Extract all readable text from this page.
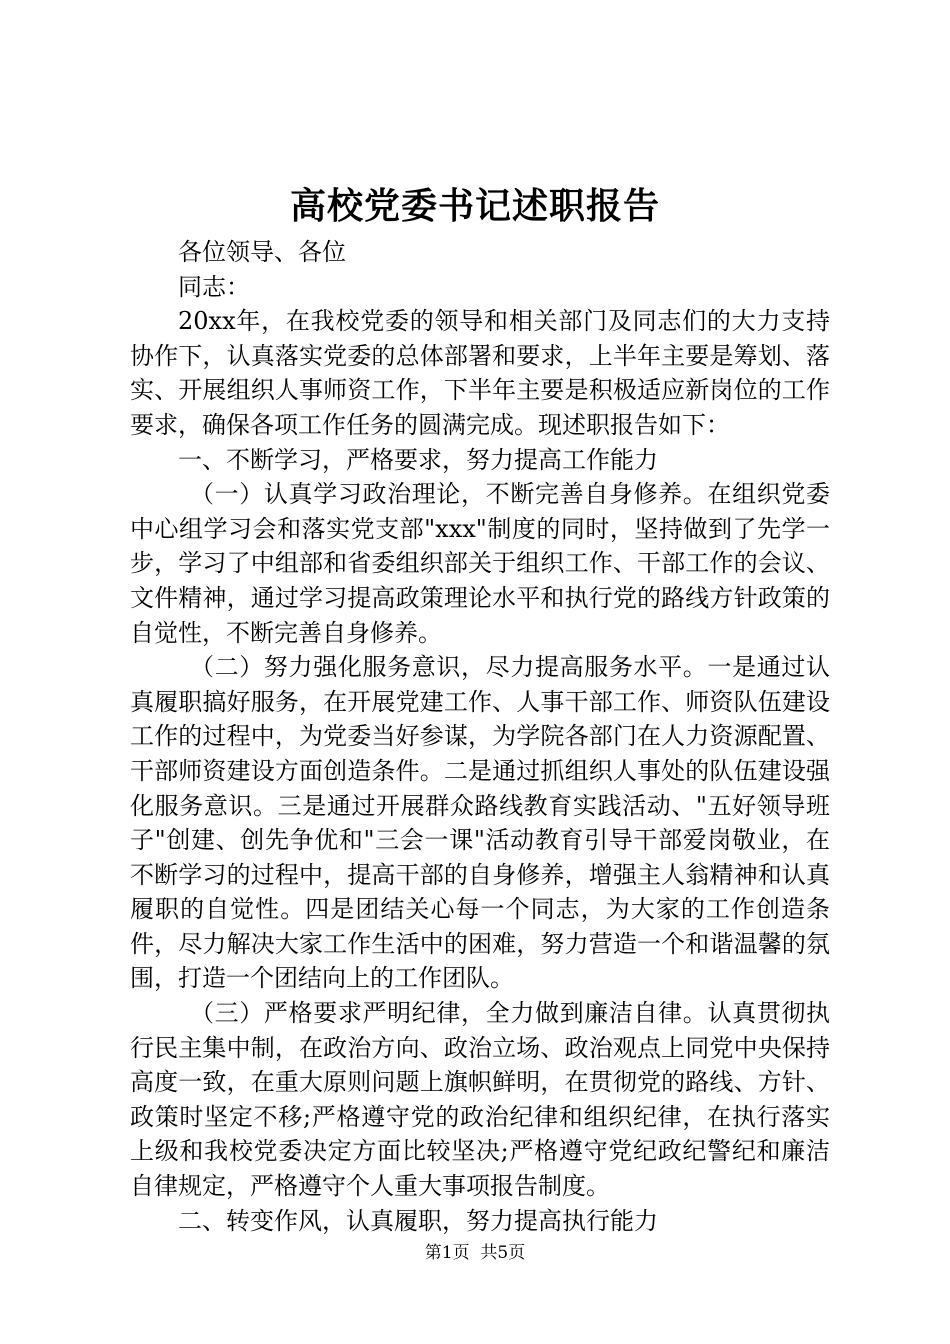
高校党委书记述职报告

各位领导、各位

同志：

20xx年，在我校党委的领导和相关部门及同志们的大力支持协作下，认真落实党委的总体部署和要求，上半年主要是筹划、落实、开展组织人事师资工作，下半年主要是积极适应新岗位的工作要求，确保各项工作任务的圆满完成。现述职报告如下：

一、不断学习，严格要求，努力提高工作能力

（一）认真学习政治理论，不断完善自身修养。在组织党委中心组学习会和落实党支部"xxx"制度的同时，坚持做到了先学一步，学习了中组部和省委组织部关于组织工作、干部工作的会议、文件精神，通过学习提高政策理论水平和执行党的路线方针政策的自觉性，不断完善自身修养。

（二）努力强化服务意识，尽力提高服务水平。一是通过认真履职搞好服务，在开展党建工作、人事干部工作、师资队伍建设工作的过程中，为党委当好参谋，为学院各部门在人力资源配置、干部师资建设方面创造条件。二是通过抓组织人事处的队伍建设强化服务意识。三是通过开展群众路线教育实践活动、"五好领导班子"创建、创先争优和"三会一课"活动教育引导干部爱岗敬业，在不断学习的过程中，提高干部的自身修养，增强主人翁精神和认真履职的自觉性。四是团结关心每一个同志，为大家的工作创造条件，尽力解决大家工作生活中的困难，努力营造一个和谐温馨的氛围，打造一个团结向上的工作团队。

（三）严格要求严明纪律，全力做到廉洁自律。认真贯彻执行民主集中制，在政治方向、政治立场、政治观点上同党中央保持高度一致，在重大原则问题上旗帜鲜明，在贯彻党的路线、方针、政策时坚定不移;严格遵守党的政治纪律和组织纪律，在执行落实上级和我校党委决定方面比较坚决;严格遵守党纪政纪警纪和廉洁自律规定，严格遵守个人重大事项报告制度。

二、转变作风，认真履职，努力提高执行能力

第1页 共5页
